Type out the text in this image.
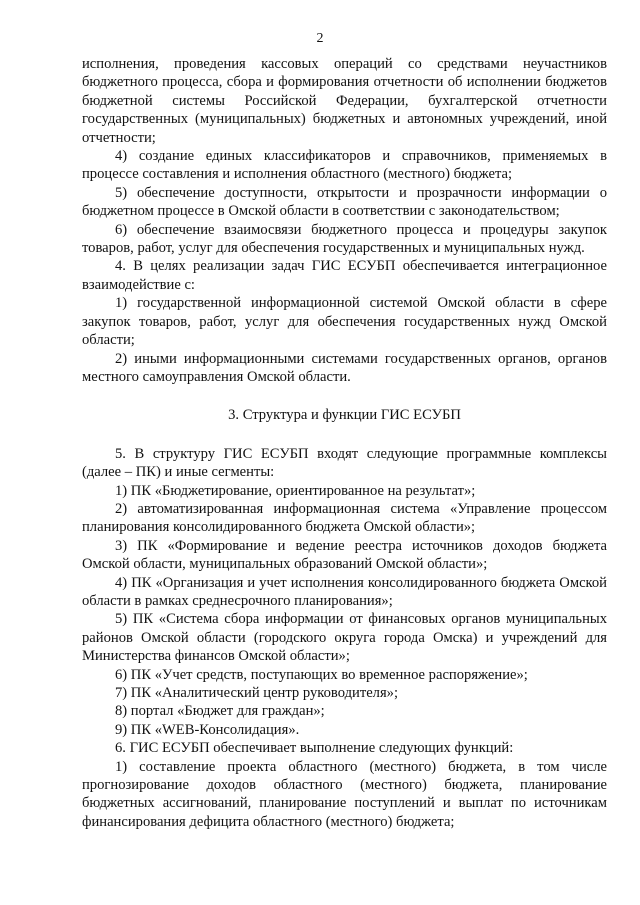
2

исполнения, проведения кассовых операций со средствами неучастников бюджетного процесса, сбора и формирования отчетности об исполнении бюджетов бюджетной системы Российской Федерации, бухгалтерской отчетности государственных (муниципальных) бюджетных и автономных учреждений, иной отчетности;

4) создание единых классификаторов и справочников, применяемых в процессе составления и исполнения областного (местного) бюджета;

5) обеспечение доступности, открытости и прозрачности информации о бюджетном процессе в Омской области в соответствии с законодательством;

6) обеспечение взаимосвязи бюджетного процесса и процедуры закупок товаров, работ, услуг для обеспечения государственных и муниципальных нужд.

4. В целях реализации задач ГИС ЕСУБП обеспечивается интеграционное взаимодействие с:

1) государственной информационной системой Омской области в сфере закупок товаров, работ, услуг для обеспечения государственных нужд Омской области;

2) иными информационными системами государственных органов, органов местного самоуправления Омской области.

3. Структура и функции ГИС ЕСУБП

5. В структуру ГИС ЕСУБП входят следующие программные комплексы (далее – ПК) и иные сегменты:

1) ПК «Бюджетирование, ориентированное на результат»;

2) автоматизированная информационная система «Управление процессом планирования консолидированного бюджета Омской области»;

3) ПК «Формирование и ведение реестра источников доходов бюджета Омской области, муниципальных образований Омской области»;

4) ПК «Организация и учет исполнения консолидированного бюджета Омской области в рамках среднесрочного планирования»;

5) ПК «Система сбора информации от финансовых органов муниципальных районов Омской области (городского округа города Омска) и учреждений для Министерства финансов Омской области»;

6) ПК «Учет средств, поступающих во временное распоряжение»;

7) ПК «Аналитический центр руководителя»;

8) портал «Бюджет для граждан»;

9) ПК «WEB-Консолидация».

6. ГИС ЕСУБП обеспечивает выполнение следующих функций:

1) составление проекта областного (местного) бюджета, в том числе прогнозирование доходов областного (местного) бюджета, планирование бюджетных ассигнований, планирование поступлений и выплат по источникам финансирования дефицита областного (местного) бюджета;
